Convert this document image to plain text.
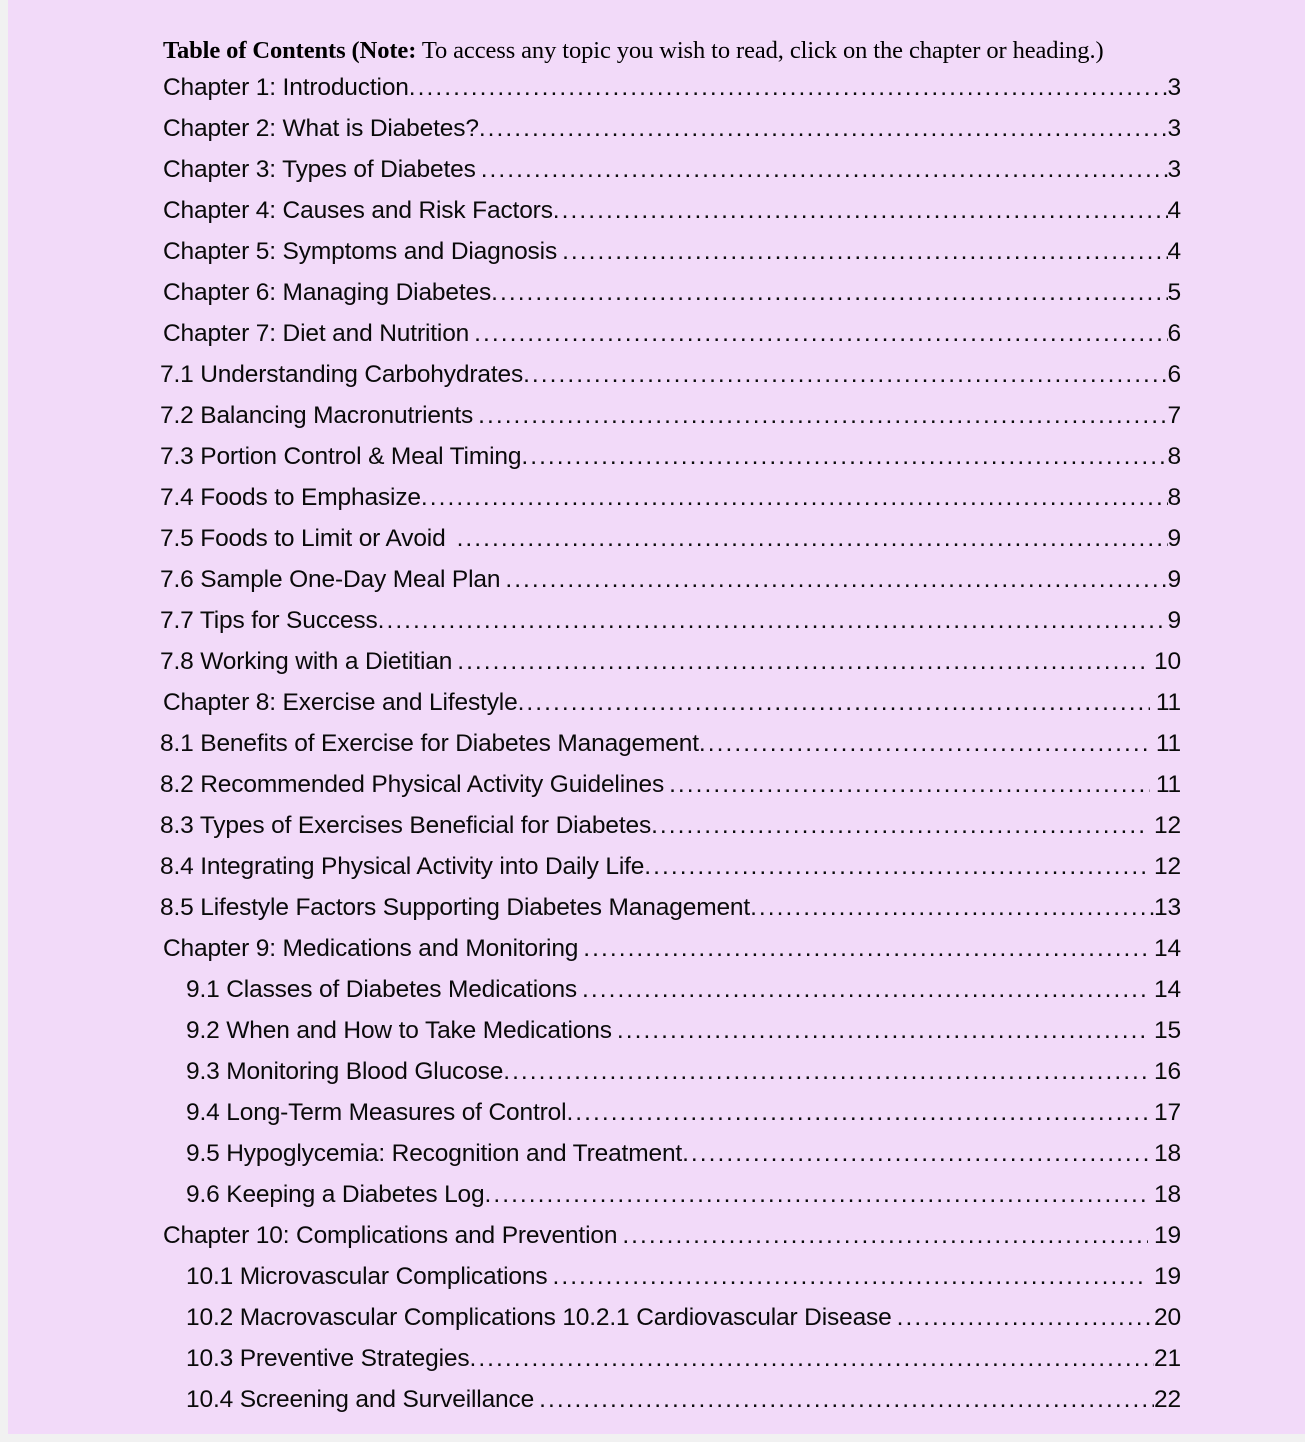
Table of Contents (Note: To access any topic you wish to read, click on the chapter or heading.)
Chapter 1: Introduction .....	3
Chapter 2: What is Diabetes? .....	3
Chapter 3: Types of Diabetes .....	3
Chapter 4: Causes and Risk Factors .....	4
Chapter 5: Symptoms and Diagnosis .....	4
Chapter 6: Managing Diabetes .....	5
Chapter 7: Diet and Nutrition .....	6
7.1 Understanding Carbohydrates .....	6
7.2 Balancing Macronutrients .....	7
7.3 Portion Control & Meal Timing .....	8
7.4 Foods to Emphasize .....	8
7.5 Foods to Limit or Avoid .....	9
7.6 Sample One-Day Meal Plan .....	9
7.7 Tips for Success .....	9
7.8 Working with a Dietitian .....	10
Chapter 8: Exercise and Lifestyle .....	11
8.1 Benefits of Exercise for Diabetes Management .....	11
8.2 Recommended Physical Activity Guidelines .....	11
8.3 Types of Exercises Beneficial for Diabetes .....	12
8.4 Integrating Physical Activity into Daily Life .....	12
8.5 Lifestyle Factors Supporting Diabetes Management .....	13
Chapter 9: Medications and Monitoring .....	14
9.1 Classes of Diabetes Medications .....	14
9.2 When and How to Take Medications .....	15
9.3 Monitoring Blood Glucose .....	16
9.4 Long-Term Measures of Control .....	17
9.5 Hypoglycemia: Recognition and Treatment .....	18
9.6 Keeping a Diabetes Log .....	18
Chapter 10: Complications and Prevention .....	19
10.1 Microvascular Complications .....	19
10.2 Macrovascular Complications 10.2.1 Cardiovascular Disease .....	20
10.3 Preventive Strategies .....	21
10.4 Screening and Surveillance .....	22
